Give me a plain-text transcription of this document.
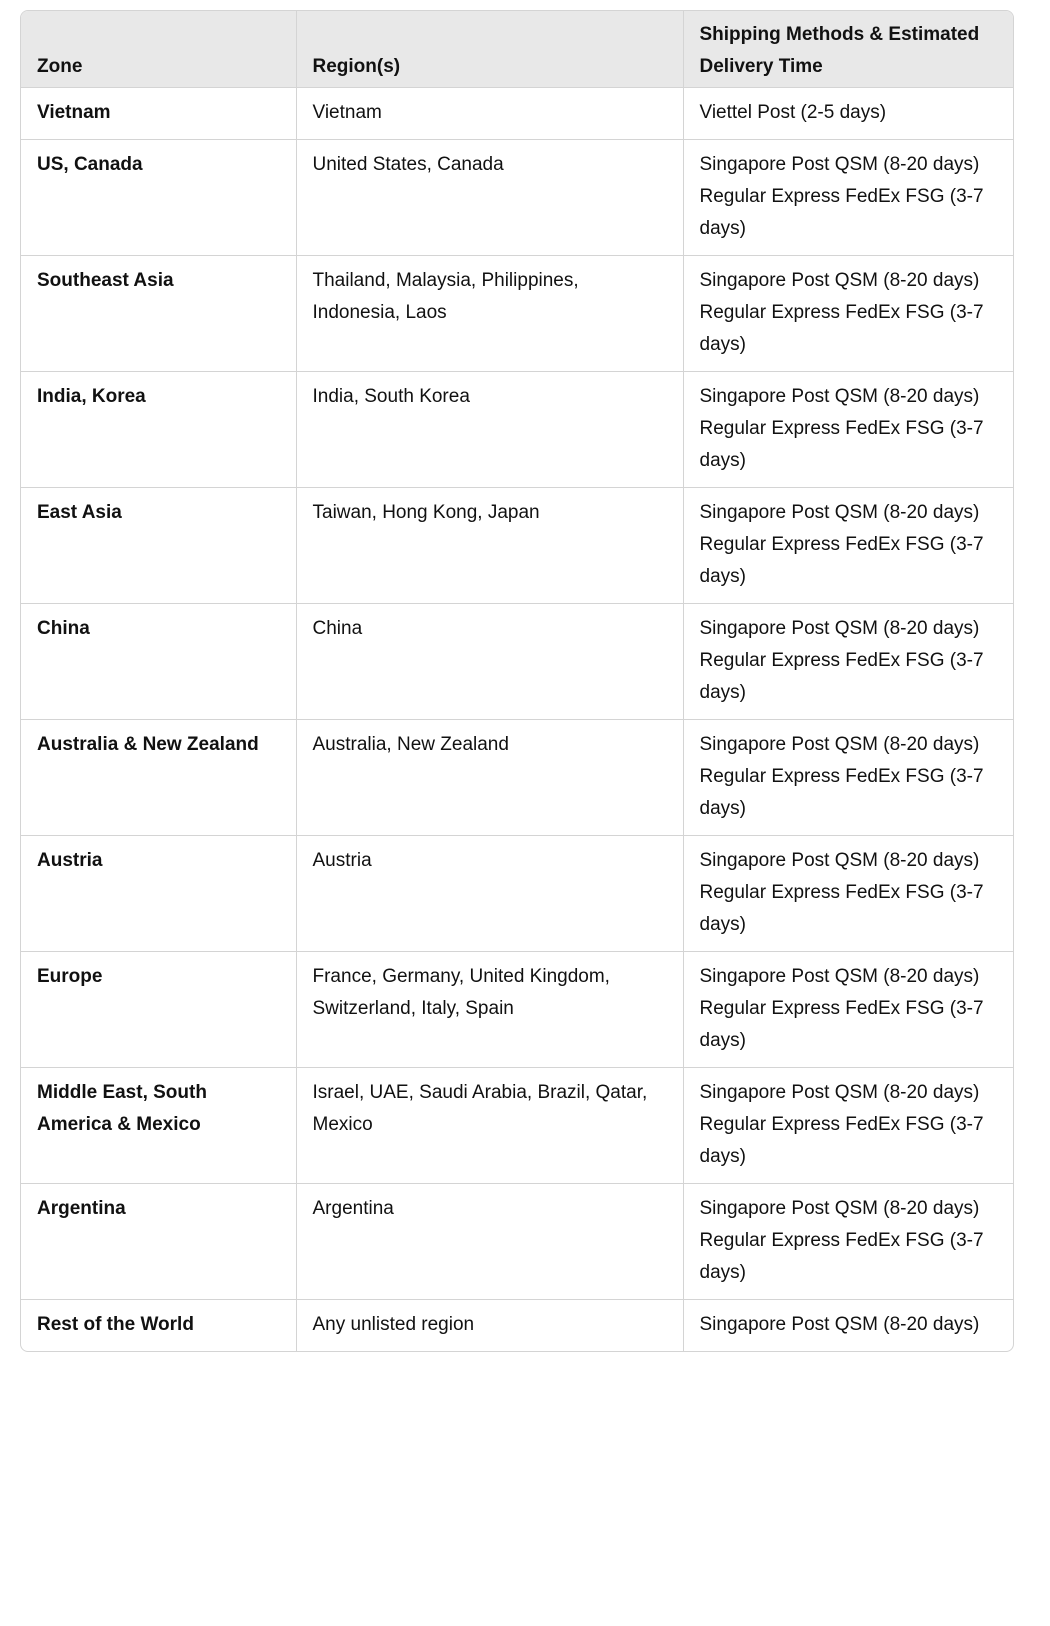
Zone	Region(s)	Shipping Methods & Estimated Delivery Time
Vietnam	Vietnam	Viettel Post (2-5 days)

US, Canada	United States, Canada	Singapore Post QSM (8-20 days)
Regular Express FedEx FSG (3-7 days)

Southeast Asia	Thailand, Malaysia, Philippines, Indonesia, Laos	Singapore Post QSM (8-20 days)
Regular Express FedEx FSG (3-7 days)

India, Korea	India, South Korea	Singapore Post QSM (8-20 days)
Regular Express FedEx FSG (3-7 days)

East Asia	Taiwan, Hong Kong, Japan	Singapore Post QSM (8-20 days)
Regular Express FedEx FSG (3-7 days)

China	China	Singapore Post QSM (8-20 days)
Regular Express FedEx FSG (3-7 days)

Australia & New Zealand	Australia, New Zealand	Singapore Post QSM (8-20 days)
Regular Express FedEx FSG (3-7 days)

Austria	Austria	Singapore Post QSM (8-20 days)
Regular Express FedEx FSG (3-7 days)

Europe	France, Germany, United Kingdom, Switzerland, Italy, Spain	Singapore Post QSM (8-20 days)
Regular Express FedEx FSG (3-7 days)

Middle East, South America & Mexico	Israel, UAE, Saudi Arabia, Brazil, Qatar, Mexico	Singapore Post QSM (8-20 days)
Regular Express FedEx FSG (3-7 days)

Argentina	Argentina	Singapore Post QSM (8-20 days)
Regular Express FedEx FSG (3-7 days)

Rest of the World	Any unlisted region	Singapore Post QSM (8-20 days)
